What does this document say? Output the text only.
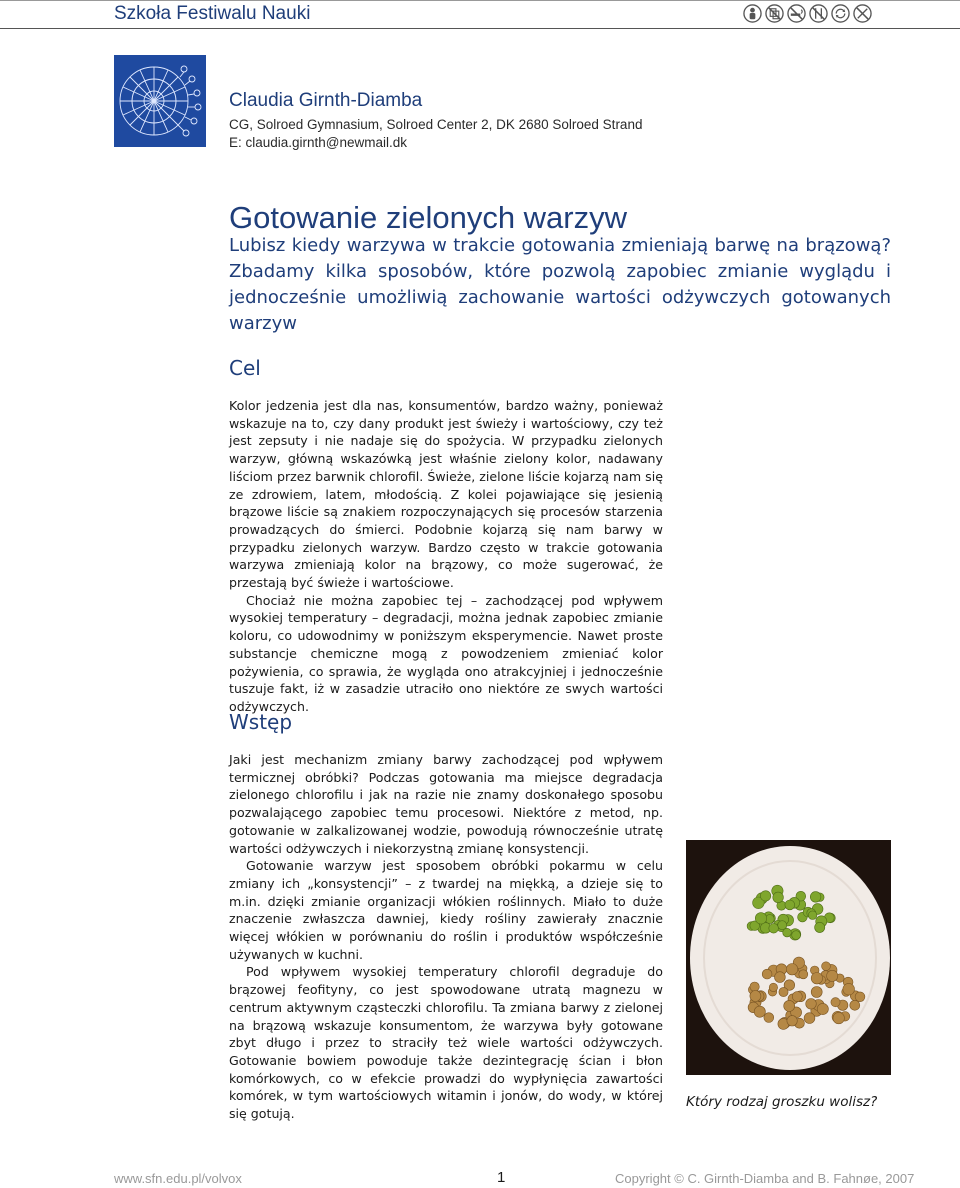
Szkoła Festiwalu Nauki
Claudia Girnth-Diamba
CG, Solroed Gymnasium, Solroed Center 2, DK 2680 Solroed Strand
E: claudia.girnth@newmail.dk
Gotowanie zielonych warzyw
Lubisz kiedy warzywa w trakcie gotowania zmieniają barwę na brązową? Zbadamy kilka sposobów, które pozwolą zapobiec zmianie wyglądu i jednocześnie umożliwią zachowanie wartości odżywczych gotowanych warzyw
Cel

Kolor jedzenia jest dla nas, konsumentów, bardzo ważny, ponieważ wskazuje na to, czy dany produkt jest świeży i wartościowy, czy też jest zepsuty i nie nadaje się do spożycia. W przypadku zielonych warzyw, główną wskazówką jest właśnie zielony kolor, nadawany liściom przez barwnik chlorofil. Świeże, zielone liście kojarzą nam się ze zdrowiem, latem, młodością. Z kolei pojawiające się jesienią brązowe liście są znakiem rozpoczynających się procesów starzenia prowadzących do śmierci. Podobnie kojarzą się nam barwy w przypadku zielonych warzyw. Bardzo często w trakcie gotowania warzywa zmieniają kolor na brązowy, co może sugerować, że przestają być świeże i wartościowe.

Chociaż nie można zapobiec tej – zachodzącej pod wpływem wysokiej temperatury – degradacji, można jednak zapobiec zmianie koloru, co udowodnimy w poniższym eksperymencie. Nawet proste substancje chemiczne mogą z powodzeniem zmieniać kolor pożywienia, co sprawia, że wygląda ono atrakcyjniej i jednocześnie tuszuje fakt, iż w zasadzie utraciło ono niektóre ze swych wartości odżywczych.

Wstęp

Jaki jest mechanizm zmiany barwy zachodzącej pod wpływem termicznej obróbki? Podczas gotowania ma miejsce degradacja zielonego chlorofilu i jak na razie nie znamy doskonałego sposobu pozwalającego zapobiec temu procesowi. Niektóre z metod, np. gotowanie w zalkalizowanej wodzie, powodują równocześnie utratę wartości odżywczych i niekorzystną zmianę konsystencji.

Gotowanie warzyw jest sposobem obróbki pokarmu w celu zmiany ich „konsystencji” – z twardej na miękką, a dzieje się to m.in. dzięki zmianie organizacji włókien roślinnych. Miało to duże znaczenie zwłaszcza dawniej, kiedy rośliny zawierały znacznie więcej włókien w porównaniu do roślin i produktów współcześnie używanych w kuchni.

Pod wpływem wysokiej temperatury chlorofil degraduje do brązowej feofityny, co jest spowodowane utratą magnezu w centrum aktywnym cząsteczki chlorofilu. Ta zmiana barwy z zielonej na brązową wskazuje konsumentom, że warzywa były gotowane zbyt długo i przez to straciły też wiele wartości odżywczych. Gotowanie bowiem powoduje także dezintegrację ścian i błon komórkowych, co w efekcie prowadzi do wypłynięcia zawartości komórek, w tym wartościowych witamin i jonów, do wody, w której się gotują.

Który rodzaj groszku wolisz?
www.sfn.edu.pl/volvox	1	Copyright © C. Girnth-Diamba and B. Fahnøe, 2007
